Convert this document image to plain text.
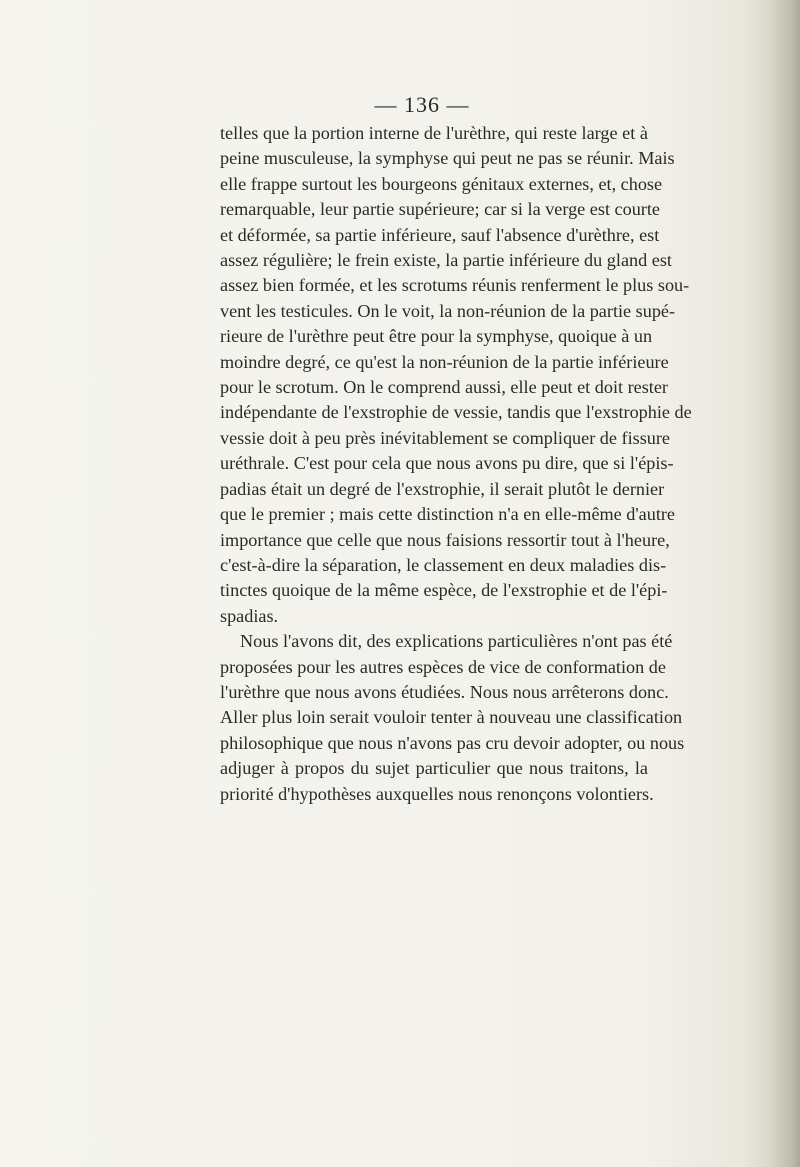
— 136 —

telles que la portion interne de l'urèthre, qui reste large et à
peine musculeuse, la symphyse qui peut ne pas se réunir. Mais
elle frappe surtout les bourgeons génitaux externes, et, chose
remarquable, leur partie supérieure; car si la verge est courte
et déformée, sa partie inférieure, sauf l'absence d'urèthre, est
assez régulière; le frein existe, la partie inférieure du gland est
assez bien formée, et les scrotums réunis renferment le plus sou-
vent les testicules. On le voit, la non-réunion de la partie supé-
rieure de l'urèthre peut être pour la symphyse, quoique à un
moindre degré, ce qu'est la non-réunion de la partie inférieure
pour le scrotum. On le comprend aussi, elle peut et doit rester
indépendante de l'exstrophie de vessie, tandis que l'exstrophie de
vessie doit à peu près inévitablement se compliquer de fissure
uréthrale. C'est pour cela que nous avons pu dire, que si l'épis-
padias était un degré de l'exstrophie, il serait plutôt le dernier
que le premier ; mais cette distinction n'a en elle-même d'autre
importance que celle que nous faisions ressortir tout à l'heure,
c'est-à-dire la séparation, le classement en deux maladies dis-
tinctes quoique de la même espèce, de l'exstrophie et de l'épi-
spadias.

Nous l'avons dit, des explications particulières n'ont pas été
proposées pour les autres espèces de vice de conformation de
l'urèthre que nous avons étudiées. Nous nous arrêterons donc.
Aller plus loin serait vouloir tenter à nouveau une classification
philosophique que nous n'avons pas cru devoir adopter, ou nous
adjuger à propos du sujet particulier que nous traitons, la
priorité d'hypothèses auxquelles nous renonçons volontiers.
